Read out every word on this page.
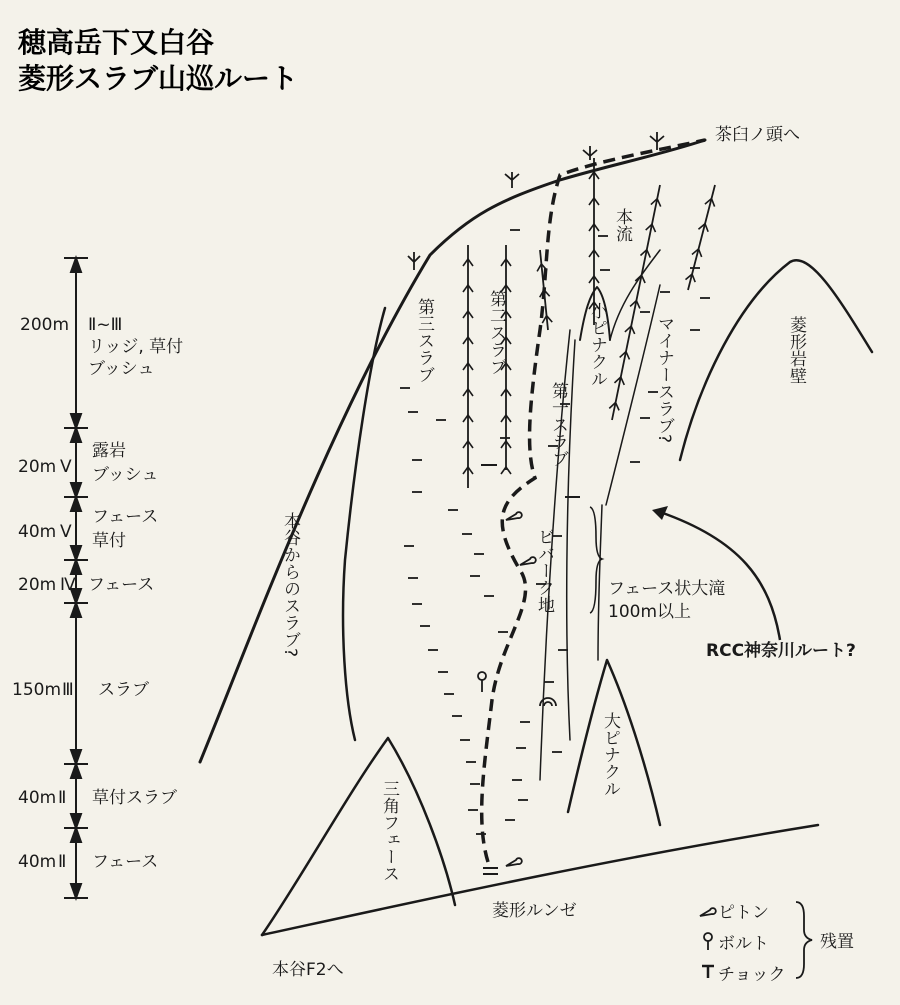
穂高岳下又白谷
菱形スラブ山巡ルート
200m Ⅱ~Ⅲ
リッジ, 草付
ブッシュ
20m Ⅴ
露岩
ブッシュ
40m Ⅴ
フェース
草付
20m Ⅳ フェース
150m Ⅲ スラブ
40m Ⅱ 草付スラブ
40m Ⅱ フェース
茶臼ノ頭へ
本流
第三スラブ	第二スラブ	小ピナクル	マイナースラブ?
第一スラブ
ビバーク地	フェース状大滝
100m以上
RCC神奈川ルート?
菱形岩壁
本谷からのスラブ?
大ピナクル
三角フェース
菱形ルンゼ
本谷F2へ
ピトン
ボルト
チョック
残置
